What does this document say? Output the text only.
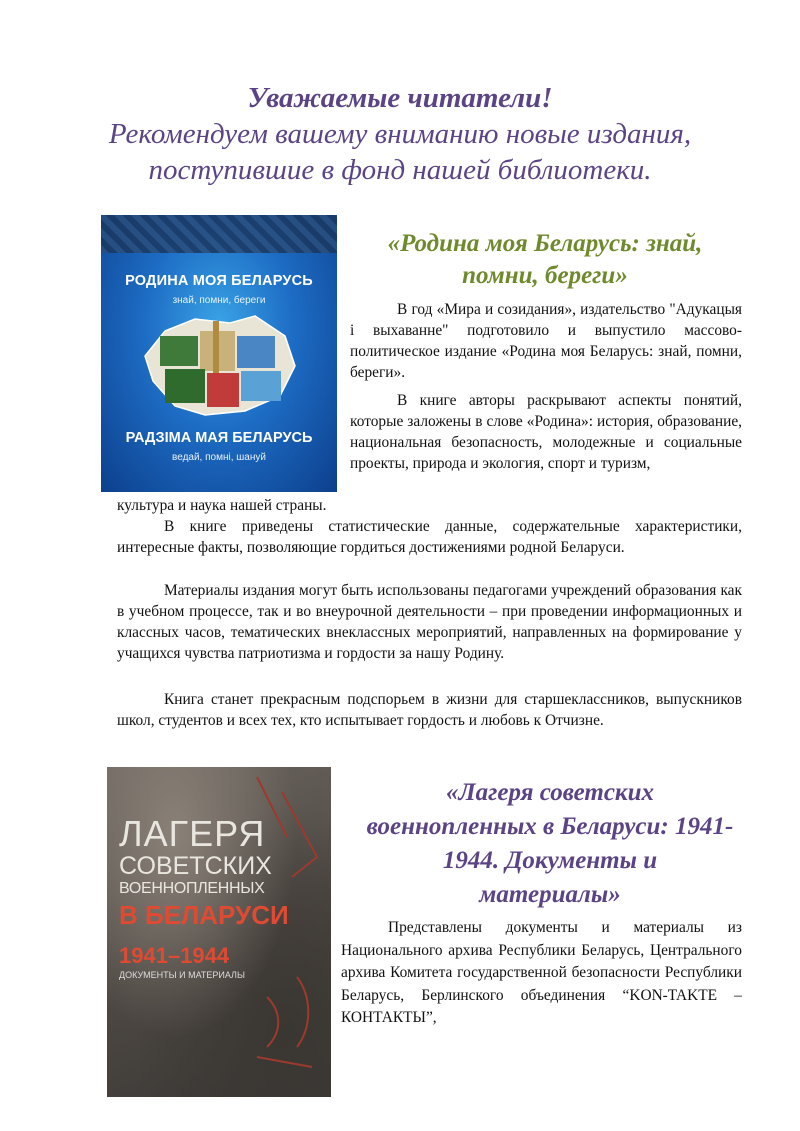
Уважаемые читатели!
Рекомендуем вашему вниманию новые издания,
поступившие в фонд нашей библиотеки.
РОДИНА МОЯ БЕЛАРУСЬ
знай, помни, береги
РАДЗІМА МАЯ БЕЛАРУСЬ
ведай, помні, шануй
«Родина моя Беларусь: знай,
помни, береги»

В год «Мира и созидания», издательство "Адукацыя і выхаванне" подготовило и выпустило массово-политическое издание «Родина моя Беларусь: знай, помни, береги».

В книге авторы раскрывают аспекты понятий, которые заложены в слове «Родина»: история, образование, национальная безопасность, молодежные и социальные проекты, природа и экология, спорт и туризм,

культура и наука нашей страны.

В книге приведены статистические данные, содержательные характеристики, интересные факты, позволяющие гордиться достижениями родной Беларуси.

Материалы издания могут быть использованы педагогами учреждений образования как в учебном процессе, так и во внеурочной деятельности – при проведении информационных и классных часов, тематических внеклассных мероприятий, направленных на формирование у учащихся чувства патриотизма и гордости за нашу Родину.

Книга станет прекрасным подспорьем в жизни для старшеклассников, выпускников школ, студентов и всех тех, кто испытывает гордость и любовь к Отчизне.

ЛАГЕРЯ
СОВЕТСКИХ
ВОЕННОПЛЕННЫХ
В БЕЛАРУСИ
1941–1944
ДОКУМЕНТЫ И МАТЕРИАЛЫ
«Лагеря советских
военнопленных в Беларуси: 1941-
1944. Документы и
материалы»

Представлены документы и материалы из Национального архива Республики Беларусь, Центрального архива Комитета государственной безопасности Республики Беларусь, Берлинского объединения “KON-TAKTE – КОНТАКТЫ”,
